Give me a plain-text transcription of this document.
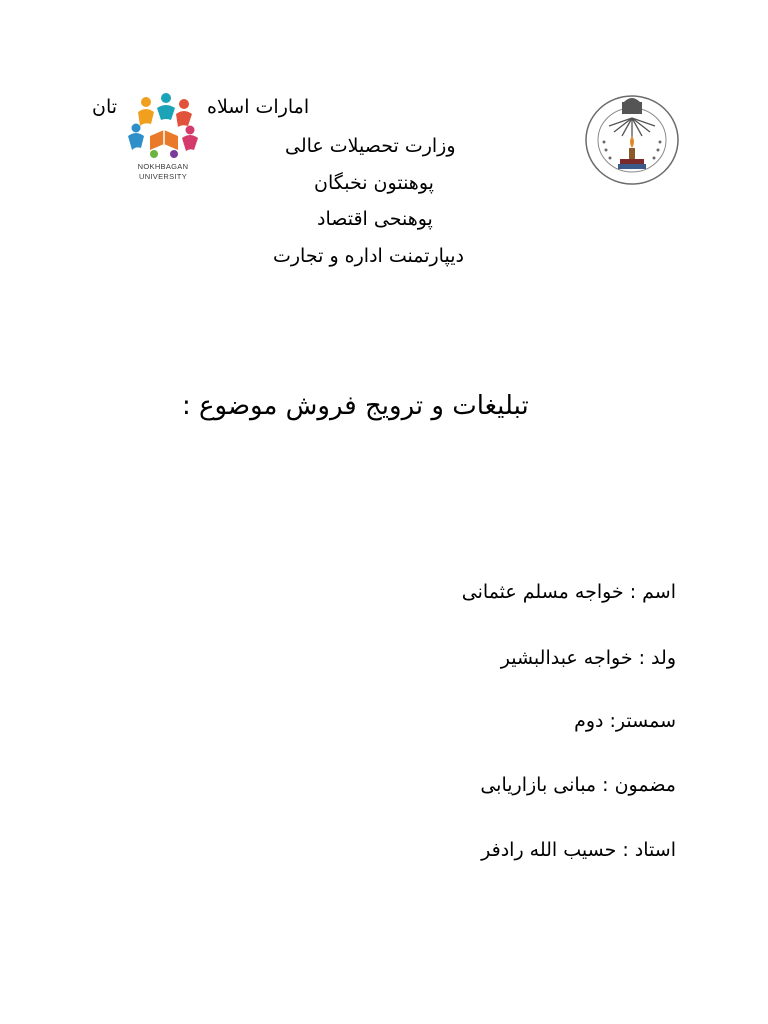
امارات اسلاه
تان
وزارت تحصیلات عالی
پوهنتون نخبگان
پوهنحی اقتصاد
دیپارتمنت اداره و تجارت
NOKHBAGAN
UNIVERSITY
تبلیغات و ترویج فروش موضوع :
اسم : خواجه مسلم عثمانی
ولد : خواجه عبدالبشیر
سمستر: دوم
مضمون : مبانی بازاریابی
استاد : حسیب الله رادفر
